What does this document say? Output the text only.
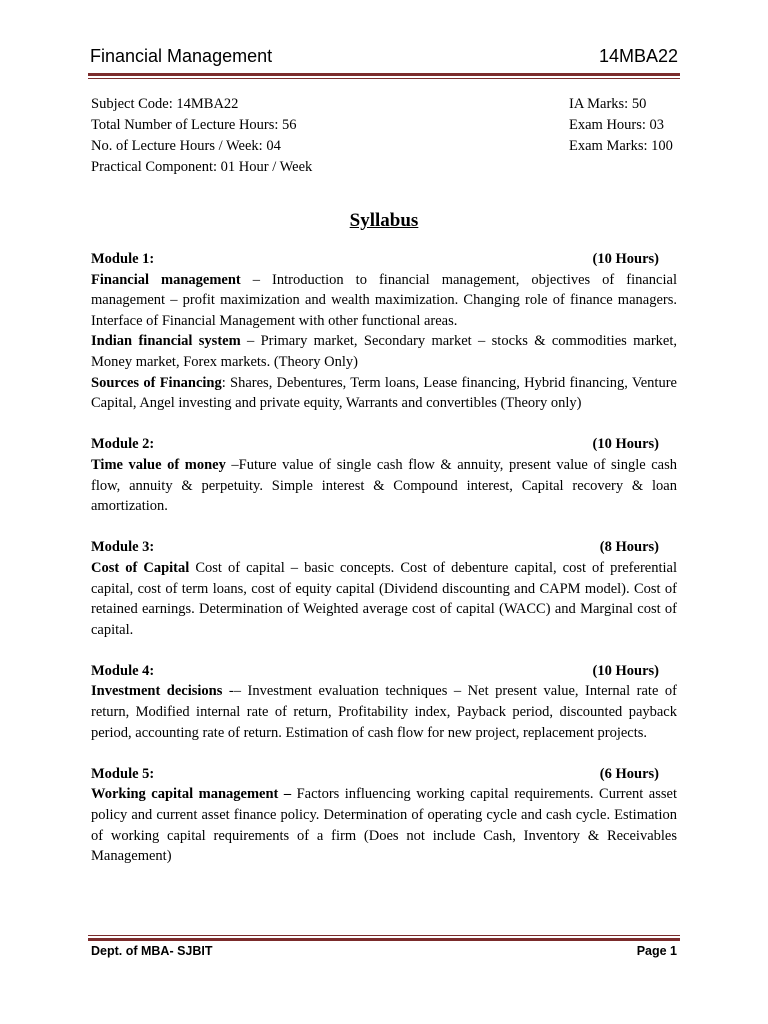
Financial Management	14MBA22
Subject Code: 14MBA22
Total Number of Lecture Hours: 56
No. of Lecture Hours / Week: 04
Practical Component: 01 Hour / Week
IA Marks: 50
Exam Hours: 03
Exam Marks: 100
Syllabus
Module 1:	(10 Hours)

Financial management – Introduction to financial management, objectives of financial management – profit maximization and wealth maximization. Changing role of finance managers. Interface of Financial Management with other functional areas.

Indian financial system – Primary market, Secondary market – stocks & commodities market, Money market, Forex markets. (Theory Only)

Sources of Financing: Shares, Debentures, Term loans, Lease financing, Hybrid financing, Venture Capital, Angel investing and private equity, Warrants and convertibles (Theory only)

Module 2:	(10 Hours)

Time value of money –Future value of single cash flow & annuity, present value of single cash flow, annuity & perpetuity. Simple interest & Compound interest, Capital recovery & loan amortization.

Module 3:	(8 Hours)

Cost of Capital Cost of capital – basic concepts. Cost of debenture capital, cost of preferential capital, cost of term loans, cost of equity capital (Dividend discounting and CAPM model). Cost of retained earnings. Determination of Weighted average cost of capital (WACC) and Marginal cost of capital.

Module 4:	(10 Hours)

Investment decisions -– Investment evaluation techniques – Net present value, Internal rate of return, Modified internal rate of return, Profitability index, Payback period, discounted payback period, accounting rate of return. Estimation of cash flow for new project, replacement projects.

Module 5:	(6 Hours)

Working capital management – Factors influencing working capital requirements. Current asset policy and current asset finance policy. Determination of operating cycle and cash cycle. Estimation of working capital requirements of a firm (Does not include Cash, Inventory & Receivables Management)

Dept. of MBA- SJBIT	Page 1
